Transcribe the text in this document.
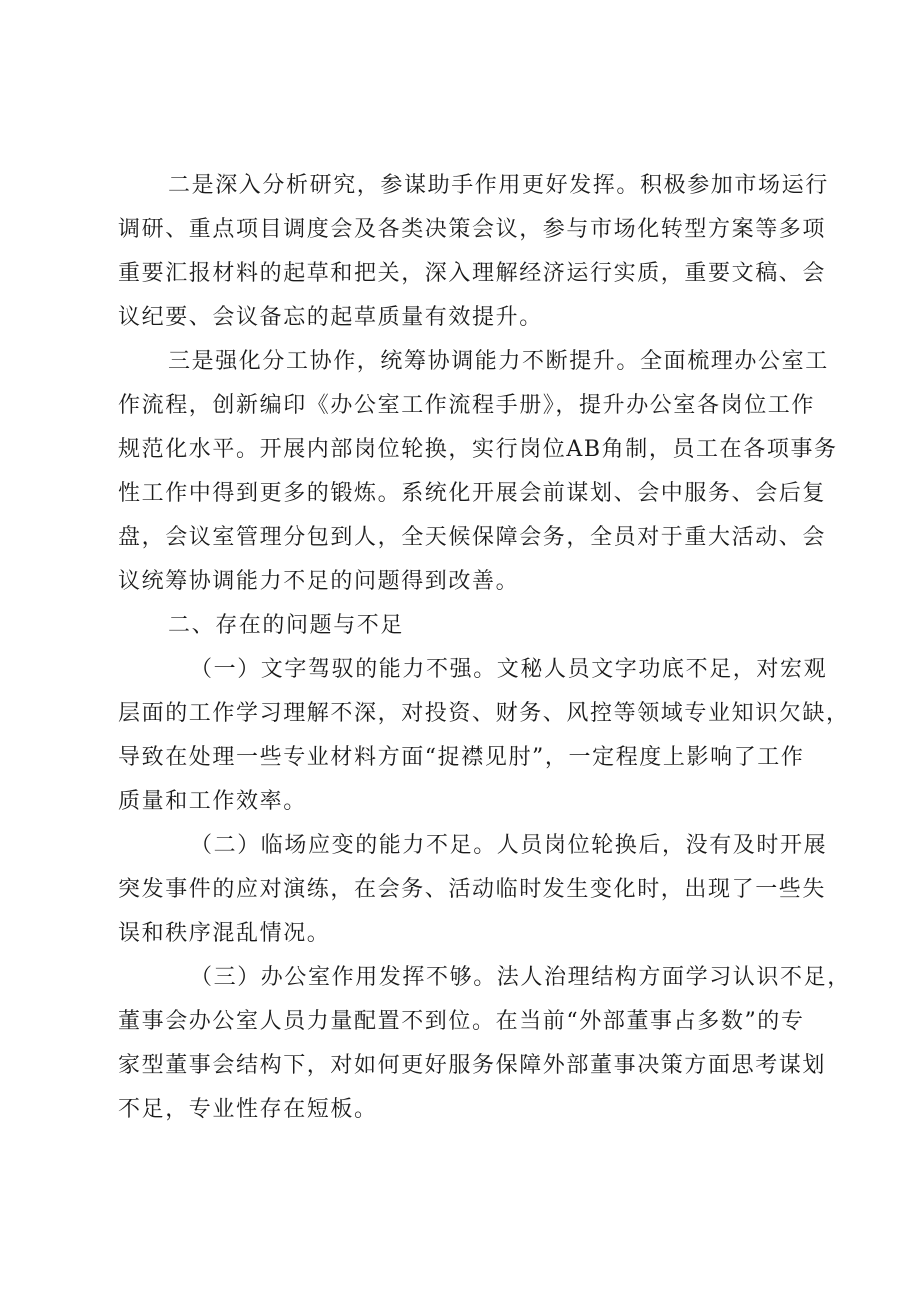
二是深入分析研究，参谋助手作用更好发挥。积极参加市场运行
调研、重点项目调度会及各类决策会议，参与市场化转型方案等多项
重要汇报材料的起草和把关，深入理解经济运行实质，重要文稿、会
议纪要、会议备忘的起草质量有效提升。
三是强化分工协作，统筹协调能力不断提升。全面梳理办公室工
作流程，创新编印《办公室工作流程手册》，提升办公室各岗位工作
规范化水平。开展内部岗位轮换，实行岗位AB角制，员工在各项事务
性工作中得到更多的锻炼。系统化开展会前谋划、会中服务、会后复
盘，会议室管理分包到人，全天候保障会务，全员对于重大活动、会
议统筹协调能力不足的问题得到改善。
二、存在的问题与不足
（一）文字驾驭的能力不强。文秘人员文字功底不足，对宏观
层面的工作学习理解不深，对投资、财务、风控等领域专业知识欠缺，
导致在处理一些专业材料方面“捉襟见肘”，一定程度上影响了工作
质量和工作效率。
（二）临场应变的能力不足。人员岗位轮换后，没有及时开展
突发事件的应对演练，在会务、活动临时发生变化时，出现了一些失
误和秩序混乱情况。
（三）办公室作用发挥不够。法人治理结构方面学习认识不足，
董事会办公室人员力量配置不到位。在当前“外部董事占多数”的专
家型董事会结构下，对如何更好服务保障外部董事决策方面思考谋划
不足，专业性存在短板。
